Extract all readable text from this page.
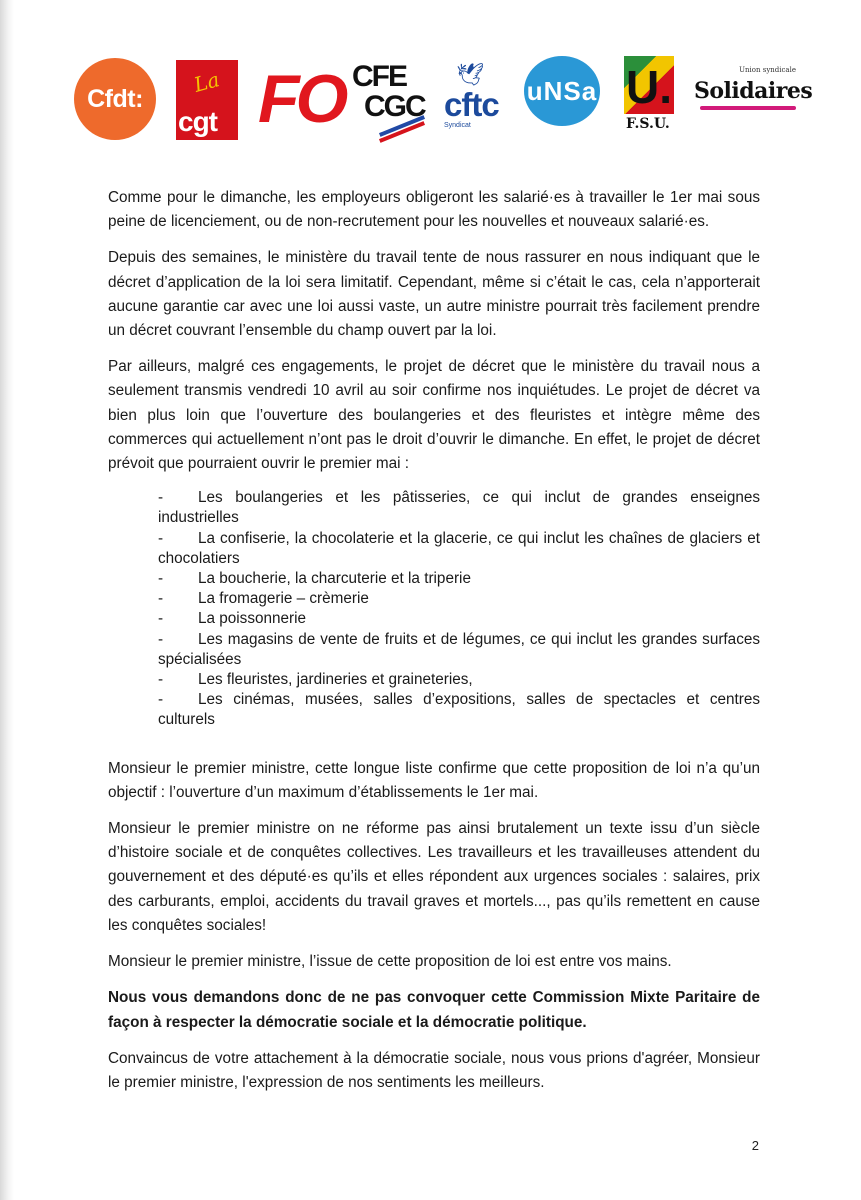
Cfdt:
La
cgt FO CFE
CGC
🕊
cftc
Syndicat
uNSa U.
F.S.U.
Union syndicale
Solidaires

Comme pour le dimanche, les employeurs obligeront les salarié·es à travailler le 1er mai sous peine de licenciement, ou de non-recrutement pour les nouvelles et nouveaux salarié·es.

Depuis des semaines, le ministère du travail tente de nous rassurer en nous indiquant que le décret d’application de la loi sera limitatif. Cependant, même si c’était le cas, cela n’apporterait aucune garantie car avec une loi aussi vaste, un autre ministre pourrait très facilement prendre un décret couvrant l’ensemble du champ ouvert par la loi.

Par ailleurs, malgré ces engagements, le projet de décret que le ministère du travail nous a seulement transmis vendredi 10 avril au soir confirme nos inquiétudes. Le projet de décret va bien plus loin que l’ouverture des boulangeries et des fleuristes et intègre même des commerces qui actuellement n’ont pas le droit d’ouvrir le dimanche. En effet, le projet de décret prévoit que pourraient ouvrir le premier mai :

-	Les boulangeries et les pâtisseries, ce qui inclut de grandes enseignes industrielles
-	La confiserie, la chocolaterie et la glacerie, ce qui inclut les chaînes de glaciers et chocolatiers
-	La boucherie, la charcuterie et la triperie
-	La fromagerie – crèmerie
-	La poissonnerie
-	Les magasins de vente de fruits et de légumes, ce qui inclut les grandes surfaces spécialisées
-	Les fleuristes, jardineries et graineteries,
-	Les cinémas, musées, salles d’expositions, salles de spectacles et centres culturels

Monsieur le premier ministre, cette longue liste confirme que cette proposition de loi n’a qu’un objectif : l’ouverture d’un maximum d’établissements le 1er mai.

Monsieur le premier ministre on ne réforme pas ainsi brutalement un texte issu d’un siècle d’histoire sociale et de conquêtes collectives. Les travailleurs et les travailleuses attendent du gouvernement et des député·es qu’ils et elles répondent aux urgences sociales : salaires, prix des carburants, emploi, accidents du travail graves et mortels..., pas qu’ils remettent en cause les conquêtes sociales!

Monsieur le premier ministre, l’issue de cette proposition de loi est entre vos mains.

Nous vous demandons donc de ne pas convoquer cette Commission Mixte Paritaire de façon à respecter la démocratie sociale et la démocratie politique.

Convaincus de votre attachement à la démocratie sociale, nous vous prions d'agréer, Monsieur le premier ministre, l'expression de nos sentiments les meilleurs.

2
